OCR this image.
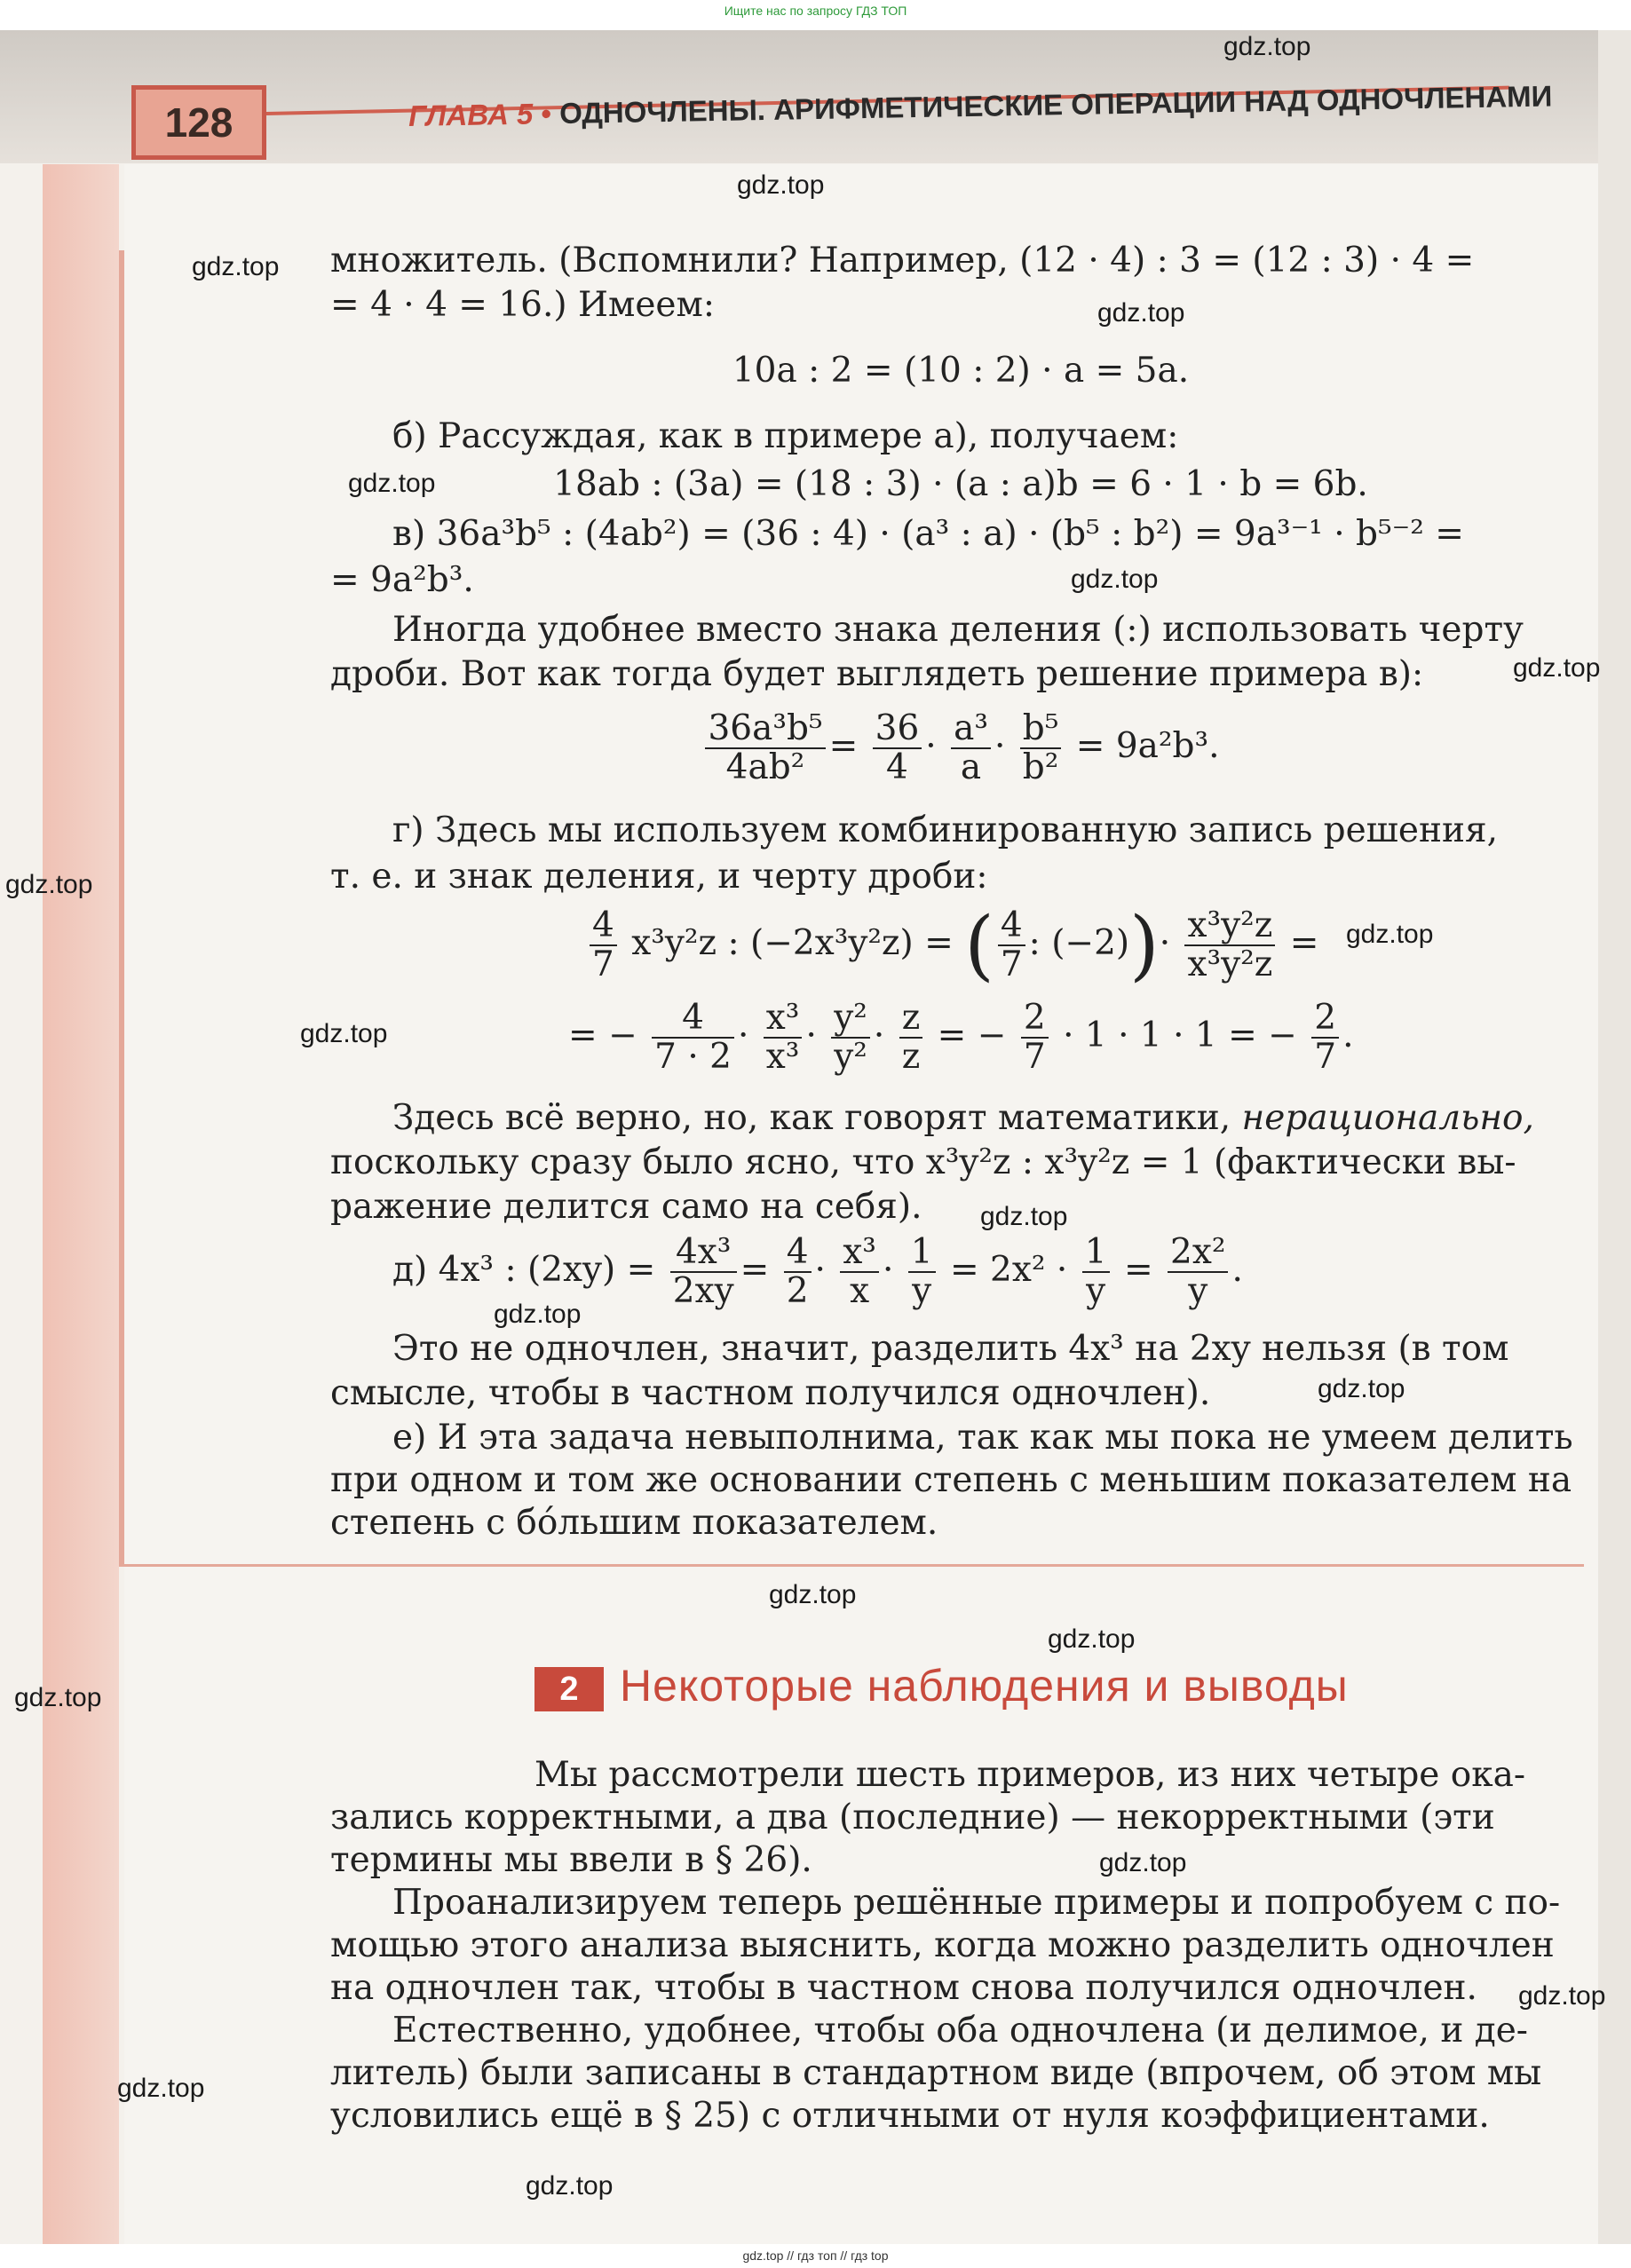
Ищите нас по запросу ГДЗ ТОП
128	ГЛАВА 5 • ОДНОЧЛЕНЫ. АРИФМЕТИЧЕСКИЕ ОПЕРАЦИИ НАД ОДНОЧЛЕНАМИ
множитель. (Вспомнили? Например, (12 · 4) : 3 = (12 : 3) · 4 =
= 4 · 4 = 16.) Имеем:
10a : 2 = (10 : 2) · a = 5a.
б) Рассуждая, как в примере а), получаем:
18ab : (3a) = (18 : 3) · (a : a)b = 6 · 1 · b = 6b.
в) 36a³b⁵ : (4ab²) = (36 : 4) · (a³ : a) · (b⁵ : b²) = 9a³⁻¹ · b⁵⁻² =
= 9a²b³.
Иногда удобнее вместо знака деления (:) использовать черту
дроби. Вот как тогда будет выглядеть решение примера в):
$\frac{\text{36a³b⁵}}{\text{4ab²}} = \frac{36}{4} \cdot \frac{\text{a³}}{a} \cdot \frac{\text{b⁵}}{\text{b²}} = 9a^2b^3$.
г) Здесь мы используем комбинированную запись решения,
т. е. и знак деления, и черту дроби:
$\frac{4}{7} x^3y^2z$ : (−2x³y²z) = ( $\frac{4}{7}$ : $(-2))\cdot \frac{\text{x³y²z}}{\text{x³y²z}}$ =
= − $\frac{4}{7 \cdot 2} \cdot \frac{\text{x³}}{\text{x³}} \cdot \frac{\text{y²}}{\text{y²}} \cdot \frac{z}{z}$ = − $\frac{2}{7} \cdot 1 \cdot 1 \cdot 1$ = − $\frac{2}{7}$ .
Здесь всё верно, но, как говорят математики, нерационально,
поскольку сразу было ясно, что x³y²z : x³y²z = 1 (фактически вы-
ражение делится само на себя).
д) 4x³ : $(2xy) = \frac{\text{4x³}}{2xy} = \frac{4}{2} \cdot \frac{\text{x³}}{x} \cdot \frac{1}{y} = 2x^2 \cdot \frac{1}{y} = \frac{\text{2x²}}{y}$ .
Это не одночлен, значит, разделить 4x³ на 2xy нельзя (в том
смысле, чтобы в частном получился одночлен).
е) И эта задача невыполнима, так как мы пока не умеем делить
при одном и том же основании степень с меньшим показателем на
степень с бо́льшим показателем.
2 Некоторые наблюдения и выводы
Мы рассмотрели шесть примеров, из них четыре ока-
зались корректными, а два (последние) — некорректными (эти
термины мы ввели в § 26).
Проанализируем теперь решённые примеры и попробуем с по-
мощью этого анализа выяснить, когда можно разделить одночлен
на одночлен так, чтобы в частном снова получился одночлен.
Естественно, удобнее, чтобы оба одночлена (и делимое, и де-
литель) были записаны в стандартном виде (впрочем, об этом мы
условились ещё в § 25) с отличными от нуля коэффициентами.
gdz.top
gdz.top
gdz.top
gdz.top
gdz.top
gdz.top
gdz.top
gdz.top
gdz.top
gdz.top
gdz.top
gdz.top
gdz.top
gdz.top
gdz.top
gdz.top
gdz.top
gdz.top
gdz.top
gdz.top
gdz.top // гдз топ // гдз top
